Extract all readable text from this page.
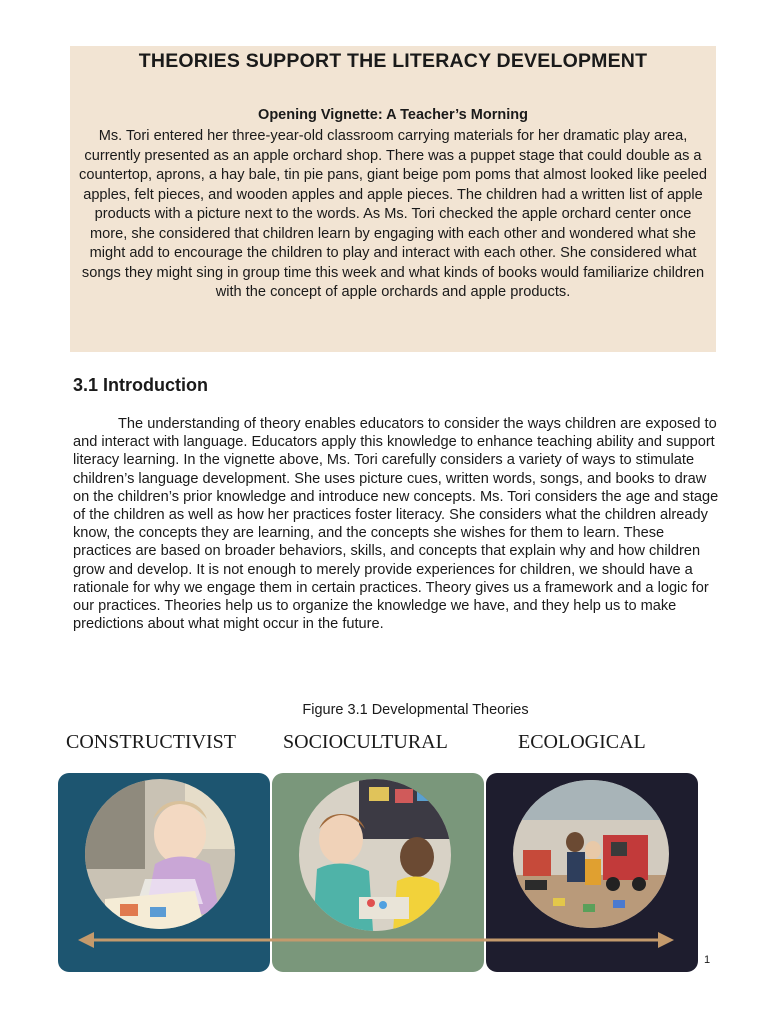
THEORIES SUPPORT THE LITERACY DEVELOPMENT
Opening Vignette: A Teacher’s Morning

Ms. Tori entered her three-year-old classroom carrying materials for her dramatic play area, currently presented as an apple orchard shop. There was a puppet stage that could double as a countertop, aprons, a hay bale, tin pie pans, giant beige pom poms that almost looked like peeled apples, felt pieces, and wooden apples and apple pieces. The children had a written list of apple products with a picture next to the words. As Ms. Tori checked the apple orchard center once more, she considered that children learn by engaging with each other and wondered what she might add to encourage the children to play and interact with each other. She considered what songs they might sing in group time this week and what kinds of books would familiarize children with the concept of apple orchards and apple products.

3.1 Introduction

The understanding of theory enables educators to consider the ways children are exposed to and interact with language. Educators apply this knowledge to enhance teaching ability and support literacy learning. In the vignette above, Ms. Tori carefully considers a variety of ways to stimulate children’s language development. She uses picture cues, written words, songs, and books to draw on the children’s prior knowledge and introduce new concepts. Ms. Tori considers the age and stage of the children as well as how her practices foster literacy. She considers what the children already know, the concepts they are learning, and the concepts she wishes for them to learn. These practices are based on broader behaviors, skills, and concepts that explain why and how children grow and develop. It is not enough to merely provide experiences for children, we should have a rationale for why we engage them in certain practices. Theory gives us a framework and a logic for our practices. Theories help us to organize the knowledge we have, and they help us to make predictions about what might occur in the future.

Figure 3.1 Developmental Theories

CONSTRUCTIVIST SOCIOCULTURAL	ECOLOGICAL

1
